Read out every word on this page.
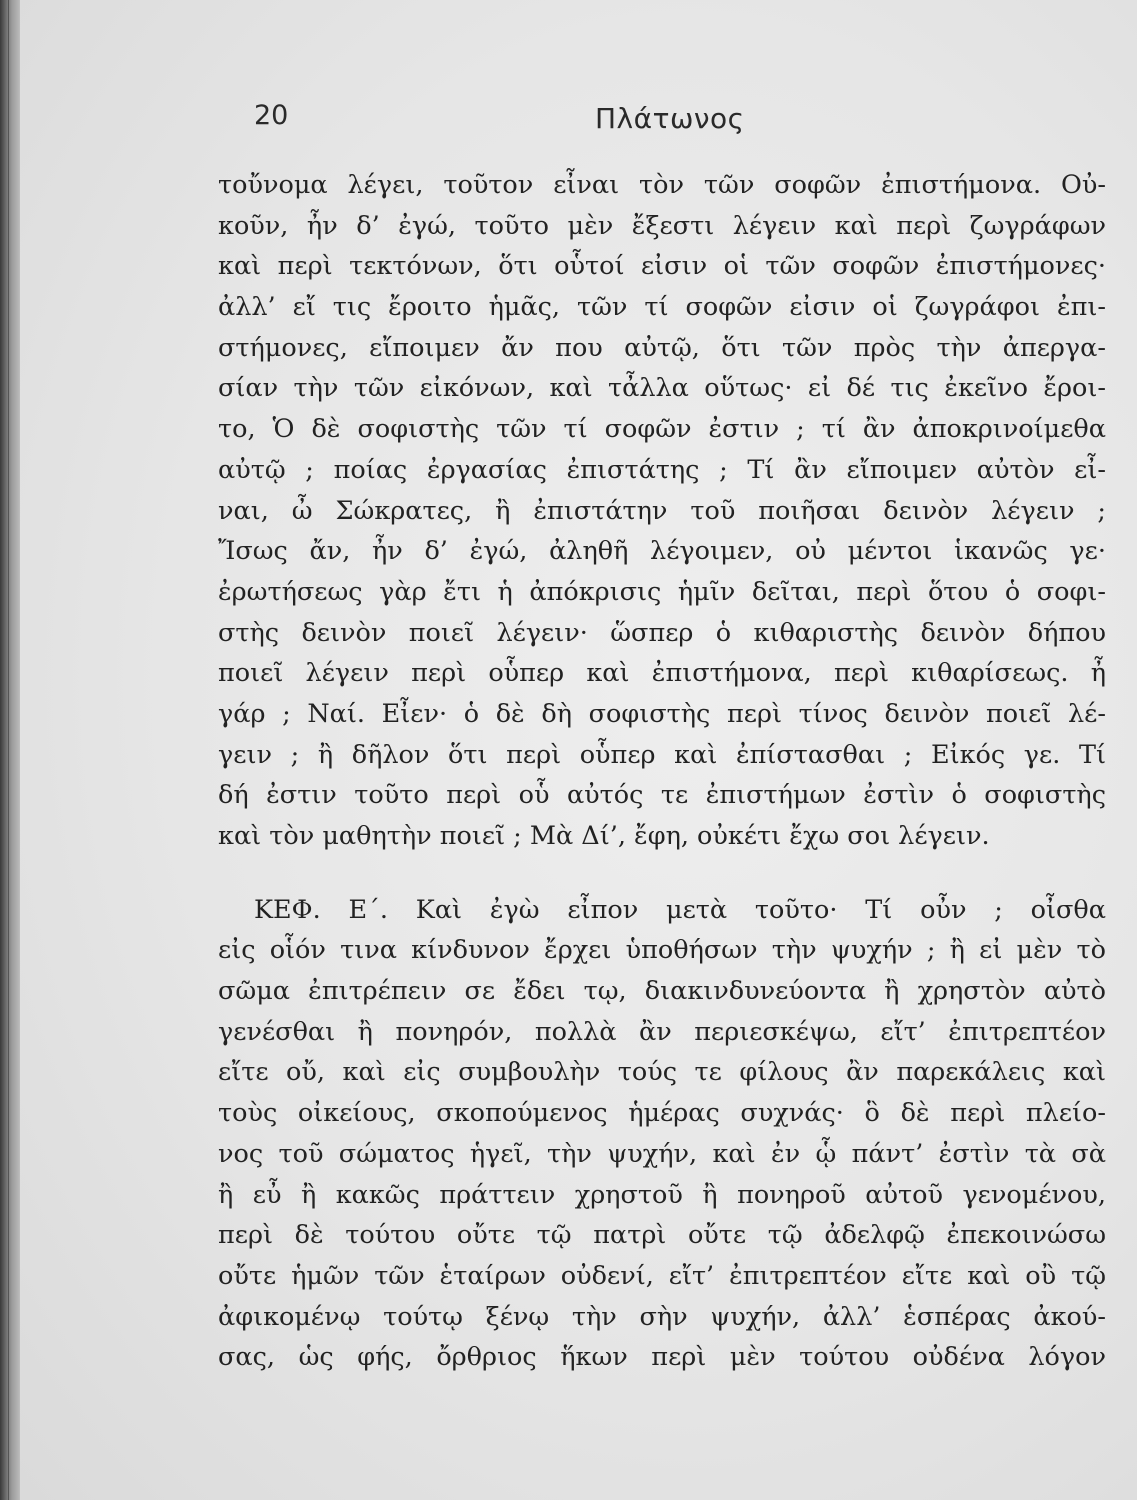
20	Πλάτωνος
τοὔνομα λέγει, τοῦτον εἶναι τὸν τῶν σοφῶν ἐπιστήμονα. Οὐ-
κοῦν, ἦν δ’ ἐγώ, τοῦτο μὲν ἔξεστι λέγειν καὶ περὶ ζωγράφων
καὶ περὶ τεκτόνων, ὅτι οὗτοί εἰσιν οἱ τῶν σοφῶν ἐπιστήμονες·
ἀλλ’ εἴ τις ἔροιτο ἡμᾶς, τῶν τί σοφῶν εἰσιν οἱ ζωγράφοι ἐπι-
στήμονες, εἴποιμεν ἄν που αὐτῷ, ὅτι τῶν πρὸς τὴν ἀπεργα-
σίαν τὴν τῶν εἰκόνων, καὶ τἆλλα οὕτως· εἰ δέ τις ἐκεῖνο ἔροι-
το, Ὁ δὲ σοφιστὴς τῶν τί σοφῶν ἐστιν ; τί ἂν ἀποκρινοίμεθα
αὐτῷ ; ποίας ἐργασίας ἐπιστάτης ; Τί ἂν εἴποιμεν αὐτὸν εἶ-
ναι, ὦ Σώκρατες, ἢ ἐπιστάτην τοῦ ποιῆσαι δεινὸν λέγειν ;
Ἴσως ἄν, ἦν δ’ ἐγώ, ἀληθῆ λέγοιμεν, οὐ μέντοι ἱκανῶς γε·
ἐρωτήσεως γὰρ ἔτι ἡ ἀπόκρισις ἡμῖν δεῖται, περὶ ὅτου ὁ σοφι-
στὴς δεινὸν ποιεῖ λέγειν· ὥσπερ ὁ κιθαριστὴς δεινὸν δήπου
ποιεῖ λέγειν περὶ οὗπερ καὶ ἐπιστήμονα, περὶ κιθαρίσεως. ἦ
γάρ ; Ναί. Εἶεν· ὁ δὲ δὴ σοφιστὴς περὶ τίνος δεινὸν ποιεῖ λέ-
γειν ; ἢ δῆλον ὅτι περὶ οὗπερ καὶ ἐπίστασθαι ; Εἰκός γε. Τί
δή ἐστιν τοῦτο περὶ οὗ αὐτός τε ἐπιστήμων ἐστὶν ὁ σοφιστὴς
καὶ τὸν μαθητὴν ποιεῖ ; Μὰ Δί’, ἔφη, οὐκέτι ἔχω σοι λέγειν.
ΚΕΦ. Ε΄. Καὶ ἐγὼ εἶπον μετὰ τοῦτο· Τί οὖν ; οἶσθα
εἰς οἷόν τινα κίνδυνον ἔρχει ὑποθήσων τὴν ψυχήν ; ἢ εἰ μὲν τὸ
σῶμα ἐπιτρέπειν σε ἔδει τῳ, διακινδυνεύοντα ἢ χρηστὸν αὐτὸ
γενέσθαι ἢ πονηρόν, πολλὰ ἂν περιεσκέψω, εἴτ’ ἐπιτρεπτέον
εἴτε οὔ, καὶ εἰς συμβουλὴν τούς τε φίλους ἂν παρεκάλεις καὶ
τοὺς οἰκείους, σκοπούμενος ἡμέρας συχνάς· ὃ δὲ περὶ πλείο-
νος τοῦ σώματος ἡγεῖ, τὴν ψυχήν, καὶ ἐν ᾧ πάντ’ ἐστὶν τὰ σὰ
ἢ εὖ ἢ κακῶς πράττειν χρηστοῦ ἢ πονηροῦ αὐτοῦ γενομένου,
περὶ δὲ τούτου οὔτε τῷ πατρὶ οὔτε τῷ ἀδελφῷ ἐπεκοινώσω
οὔτε ἡμῶν τῶν ἑταίρων οὐδενί, εἴτ’ ἐπιτρεπτέον εἴτε καὶ οὒ τῷ
ἀφικομένῳ τούτῳ ξένῳ τὴν σὴν ψυχήν, ἀλλ’ ἑσπέρας ἀκού-
σας, ὡς φής, ὄρθριος ἥκων περὶ μὲν τούτου οὐδένα λόγον
